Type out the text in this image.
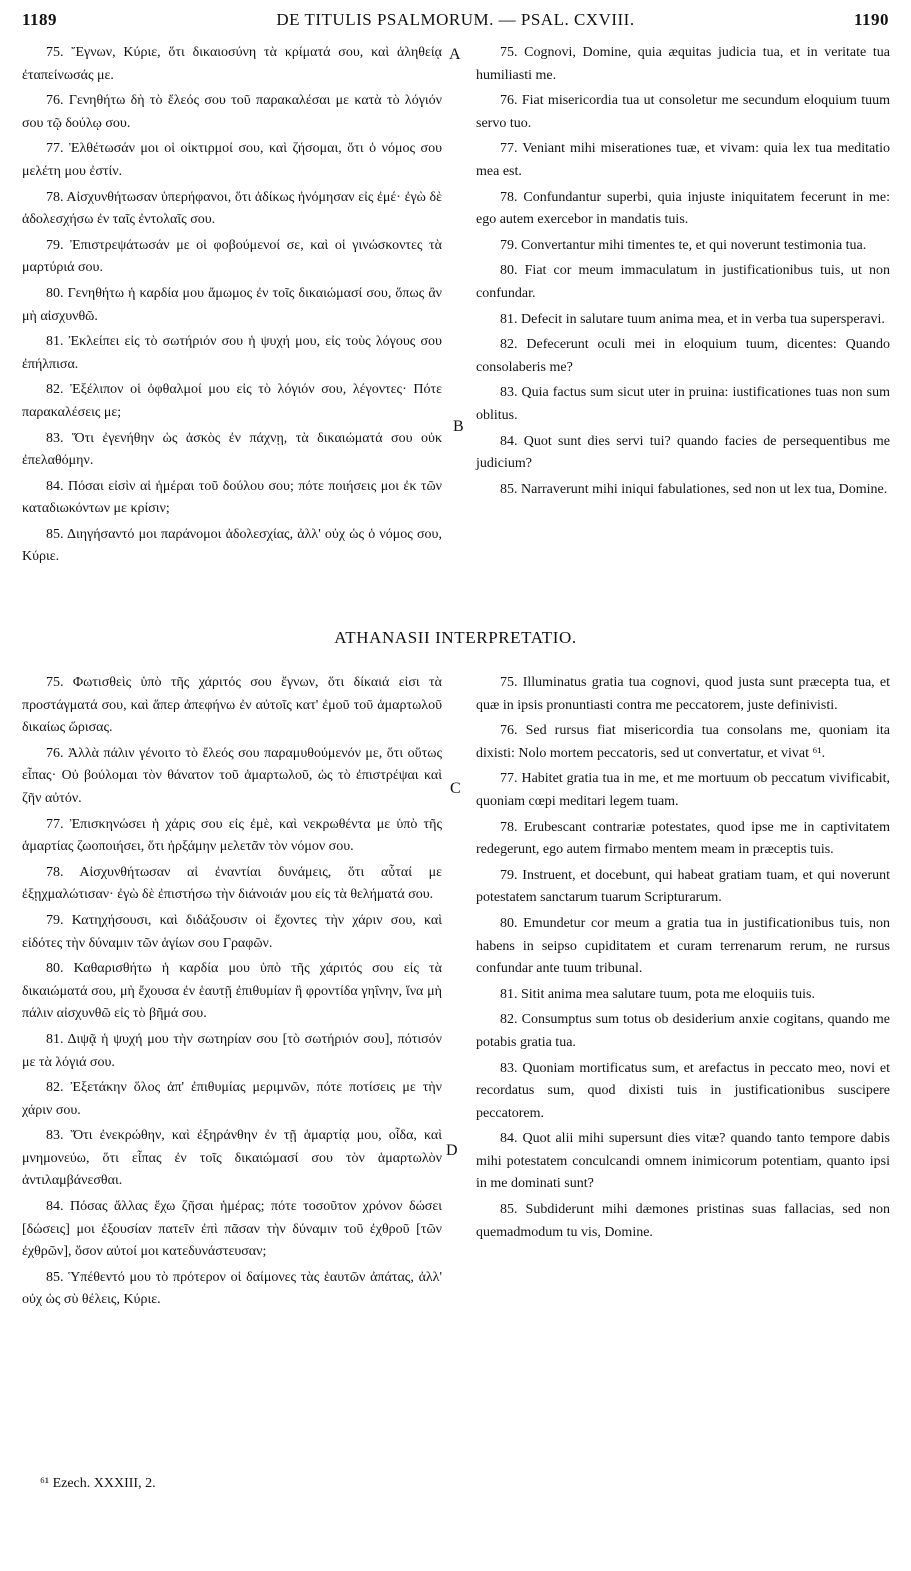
1189	DE TITULIS PSALMORUM. — PSAL. CXVIII.	1190

75. Ἔγνων, Κύριε, ὅτι δικαιοσύνη τὰ κρίματά σου, καὶ ἀληθείᾳ ἐταπείνωσάς με.

76. Γενηθήτω δὴ τὸ ἔλεός σου τοῦ παρακαλέσαι με κατὰ τὸ λόγιόν σου τῷ δούλῳ σου.

77. Ἐλθέτωσάν μοι οἱ οἰκτιρμοί σου, καὶ ζήσομαι, ὅτι ὁ νόμος σου μελέτη μου ἐστίν.

78. Αἰσχυνθήτωσαν ὑπερήφανοι, ὅτι ἀδίκως ἠνόμησαν εἰς ἐμέ· ἐγὼ δὲ ἀδολεσχήσω ἐν ταῖς ἐντολαῖς σου.

79. Ἐπιστρεψάτωσάν με οἱ φοβούμενοί σε, καὶ οἱ γινώσκοντες τὰ μαρτύριά σου.

80. Γενηθήτω ἡ καρδία μου ἄμωμος ἐν τοῖς δικαιώμασί σου, ὅπως ἂν μὴ αἰσχυνθῶ.

81. Ἐκλείπει εἰς τὸ σωτήριόν σου ἡ ψυχή μου, εἰς τοὺς λόγους σου ἐπήλπισα.

82. Ἐξέλιπον οἱ ὀφθαλμοί μου εἰς τὸ λόγιόν σου, λέγοντες· Πότε παρακαλέσεις με;

83. Ὅτι ἐγενήθην ὡς ἀσκὸς ἐν πάχνῃ, τὰ δικαιώματά σου οὐκ ἐπελαθόμην.

84. Πόσαι εἰσὶν αἱ ἡμέραι τοῦ δούλου σου; πότε ποιήσεις μοι ἐκ τῶν καταδιωκόντων με κρίσιν;

85. Διηγήσαντό μοι παράνομοι ἀδολεσχίας, ἀλλ' οὐχ ὡς ὁ νόμος σου, Κύριε.

75. Cognovi, Domine, quia æquitas judicia tua, et in veritate tua humiliasti me.

76. Fiat misericordia tua ut consoletur me secundum eloquium tuum servo tuo.

77. Veniant mihi miserationes tuæ, et vivam: quia lex tua meditatio mea est.

78. Confundantur superbi, quia injuste iniquitatem fecerunt in me: ego autem exercebor in mandatis tuis.

79. Convertantur mihi timentes te, et qui noverunt testimonia tua.

80. Fiat cor meum immaculatum in justificationibus tuis, ut non confundar.

81. Defecit in salutare tuum anima mea, et in verba tua supersperavi.

82. Defecerunt oculi mei in eloquium tuum, dicentes: Quando consolaberis me?

83. Quia factus sum sicut uter in pruina: iustificationes tuas non sum oblitus.

84. Quot sunt dies servi tui? quando facies de persequentibus me judicium?

85. Narraverunt mihi iniqui fabulationes, sed non ut lex tua, Domine.

A
B
ATHANASII INTERPRETATIO.

75. Φωτισθεὶς ὑπὸ τῆς χάριτός σου ἔγνων, ὅτι δίκαιά εἰσι τὰ προστάγματά σου, καὶ ἅπερ ἀπεφήνω ἐν αὐτοῖς κατ' ἐμοῦ τοῦ ἁμαρτωλοῦ δικαίως ὥρισας.

76. Ἀλλὰ πάλιν γένοιτο τὸ ἔλεός σου παραμυθούμενόν με, ὅτι οὕτως εἶπας· Οὐ βούλομαι τὸν θάνατον τοῦ ἁμαρτωλοῦ, ὡς τὸ ἐπιστρέψαι καὶ ζῆν αὐτόν.

77. Ἐπισκηνώσει ἡ χάρις σου εἰς ἐμὲ, καὶ νεκρωθέντα με ὑπὸ τῆς ἁμαρτίας ζωοποιήσει, ὅτι ἠρξάμην μελετᾶν τὸν νόμον σου.

78. Αἰσχυνθήτωσαν αἱ ἐναντίαι δυνάμεις, ὅτι αὗταί με ἐξῃχμαλώτισαν· ἐγὼ δὲ ἐπιστήσω τὴν διάνοιάν μου εἰς τὰ θελήματά σου.

79. Κατηχήσουσι, καὶ διδάξουσιν οἱ ἔχοντες τὴν χάριν σου, καὶ εἰδότες τὴν δύναμιν τῶν ἁγίων σου Γραφῶν.

80. Καθαρισθήτω ἡ καρδία μου ὑπὸ τῆς χάριτός σου εἰς τὰ δικαιώματά σου, μὴ ἔχουσα ἐν ἑαυτῇ ἐπιθυμίαν ἢ φροντίδα γηΐνην, ἵνα μὴ πάλιν αἰσχυνθῶ εἰς τὸ βῆμά σου.

81. Διψᾷ ἡ ψυχή μου τὴν σωτηρίαν σου [τὸ σωτήριόν σου], πότισόν με τὰ λόγιά σου.

82. Ἐξετάκην ὅλος ἀπ' ἐπιθυμίας μεριμνῶν, πότε ποτίσεις με τὴν χάριν σου.

83. Ὅτι ἐνεκρώθην, καὶ ἐξηράνθην ἐν τῇ ἁμαρτίᾳ μου, οἶδα, καὶ μνημονεύω, ὅτι εἶπας ἐν τοῖς δικαιώμασί σου τὸν ἁμαρτωλὸν ἀντιλαμβάνεσθαι.

84. Πόσας ἄλλας ἔχω ζῆσαι ἡμέρας; πότε τοσοῦτον χρόνον δώσει [δώσεις] μοι ἐξουσίαν πατεῖν ἐπὶ πᾶσαν τὴν δύναμιν τοῦ ἐχθροῦ [τῶν ἐχθρῶν], ὅσον αὐτοί μοι κατεδυνάστευσαν;

85. Ὑπέθεντό μου τὸ πρότερον οἱ δαίμονες τὰς ἑαυτῶν ἀπάτας, ἀλλ' οὐχ ὡς σὺ θέλεις, Κύριε.

75. Illuminatus gratia tua cognovi, quod justa sunt præcepta tua, et quæ in ipsis pronuntiasti contra me peccatorem, juste definivisti.

76. Sed rursus fiat misericordia tua consolans me, quoniam ita dixisti: Nolo mortem peccatoris, sed ut convertatur, et vivat ⁶¹.

77. Habitet gratia tua in me, et me mortuum ob peccatum vivificabit, quoniam cœpi meditari legem tuam.

78. Erubescant contrariæ potestates, quod ipse me in captivitatem redegerunt, ego autem firmabo mentem meam in præceptis tuis.

79. Instruent, et docebunt, qui habeat gratiam tuam, et qui noverunt potestatem sanctarum tuarum Scripturarum.

80. Emundetur cor meum a gratia tua in justificationibus tuis, non habens in seipso cupiditatem et curam terrenarum rerum, ne rursus confundar ante tuum tribunal.

81. Sitit anima mea salutare tuum, pota me eloquiis tuis.

82. Consumptus sum totus ob desiderium anxie cogitans, quando me potabis gratia tua.

83. Quoniam mortificatus sum, et arefactus in peccato meo, novi et recordatus sum, quod dixisti tuis in justificationibus suscipere peccatorem.

84. Quot alii mihi supersunt dies vitæ? quando tanto tempore dabis mihi potestatem conculcandi omnem inimicorum potentiam, quanto ipsi in me dominati sunt?

85. Subdiderunt mihi dæmones pristinas suas fallacias, sed non quemadmodum tu vis, Domine.

C
D
⁶¹ Ezech. XXXIII, 2.
